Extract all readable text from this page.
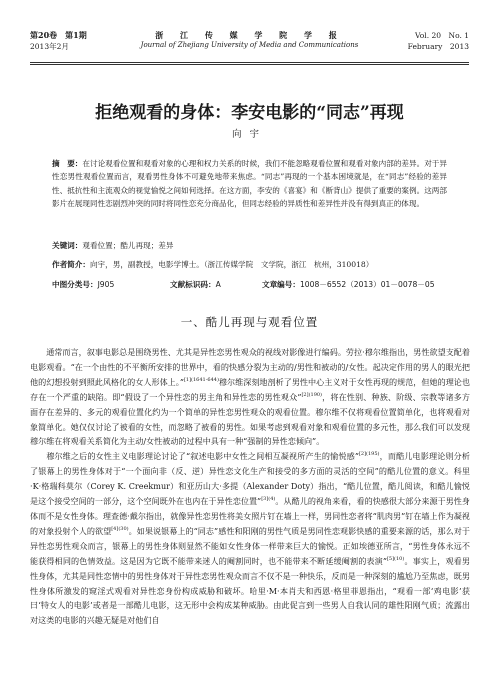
第20卷　第1期
2013年2月
浙 江 传 媒 学 院 学 报
Journal of Zhejiang University of Media and Communications
Vol. 20　No. 1
February　2013
拒绝观看的身体：李安电影的“同志”再现
向宇
摘　要：在讨论观看位置和观看对象的心理和权力关系的时候，我们不能忽略观看位置和观看对象内部的差异。对于异性恋男性观看位置而言，观看男性身体不可避免地带来焦虑。“同志”再现的一个基本困境就是，在“同志”经验的差异性、抵抗性和主流观众的视觉愉悦之间如何选择。在这方面，李安的《喜宴》和《断背山》提供了重要的案例。这两部影片在展现同性恋剧烈冲突的同时将同性恋充分商品化，但同志经验的异质性和差异性并没有得到真正的体现。
关键词：观看位置；酷儿再现；差异
作者简介：向宇，男，副教授，电影学博士。（浙江传媒学院　文学院，浙江　杭州，310018）
中图分类号：J905	文献标识码：A	文章编号：1008－6552（2013）01－0078－05
一、酷儿再现与观看位置

通常而言，叙事电影总是围绕男性、尤其是异性恋男性观众的视线对影像进行编码。劳拉·穆尔维指出，男性欲望支配着电影观看。“在一个由性的不平衡所安排的世界中，看的快感分裂为主动的/男性和被动的/女性。起决定作用的男人的眼光把他的幻想投射到照此风格化的女人形体上。”$^{[1](1641-644)}$穆尔维深刻地剖析了男性中心主义对于女性再现的规范，但她的理论也存在一个严重的缺陷。即“假设了一个异性恋的男主角和异性恋的男性观众”$^{[2](190)}$，将在性别、种族、阶级、宗教等诸多方面存在差异的、多元的观看位置化约为一个简单的异性恋男性观众的观看位置。穆尔维不仅将观看位置简单化，也将观看对象简单化。她仅仅讨论了被看的女性，而忽略了被看的男性。如果考虑到观看对象和观看位置的多元性，那么我们可以发现穆尔维在将观看关系简化为主动/女性被动的过程中具有一种“强制的异性恋倾向”。

穆尔维之后的女性主义电影理论讨论了“叙述电影中女性之间相互凝视所产生的愉悦感”$^{[2](195)}$，而酷儿电影理论则分析了银幕上的男性身体对于“一个面向非（反、逆）异性恋文化生产和接受的多方面的灵活的空间”的酷儿位置的意义。科里·K·格瑞科莫尔（Corey K. Creekmur）和亚历山大·多提（Alexander Doty）指出，“酷儿位置，酷儿阅读，和酷儿愉悦是这个接受空间的一部分，这个空间既外在也内在于异性恋位置”$^{[3](4)}$。从酷儿的视角来看，看的快感很大部分来源于男性身体而不是女性身体。理查德·戴尔指出，就像异性恋男性将美女照片钉在墙上一样，男同性恋者将“肌肉男”钉在墙上作为凝视的对象投射个人的欲望$^{[4](30)}$。如果说银幕上的“同志”感性和阳刚的男性气质是男同性恋观影快感的重要来源的话，那么对于异性恋男性观众而言，银幕上的男性身体则显然不能如女性身体一样带来巨大的愉悦。正如埃德亚所言，“男性身体永远不能获得相同的色情效益。这是因为它既不能带来迷人的阉割同时，也不能带来不断延缓阉割的表演”$^{[5](10)}$。事实上，观看男性身体，尤其是同性恋情中的男性身体对于异性恋男性观众而言不仅不是一种快乐，反而是一种深刻的尴尬乃至焦虑，既男性身体所激发的窥淫式观看对异性恋身份构成威胁和破坏。哈里·M·本肖夫和西恩·格里菲恩指出，“观看一部‘鸡电影’获曰‘特女人的电影’或者是一部酷儿电影，这无形中会构成某种威胁。由此促言到一些男人自我认同的雄性阳刚气质；流露出对这类的电影的兴趣无疑是对他们自
